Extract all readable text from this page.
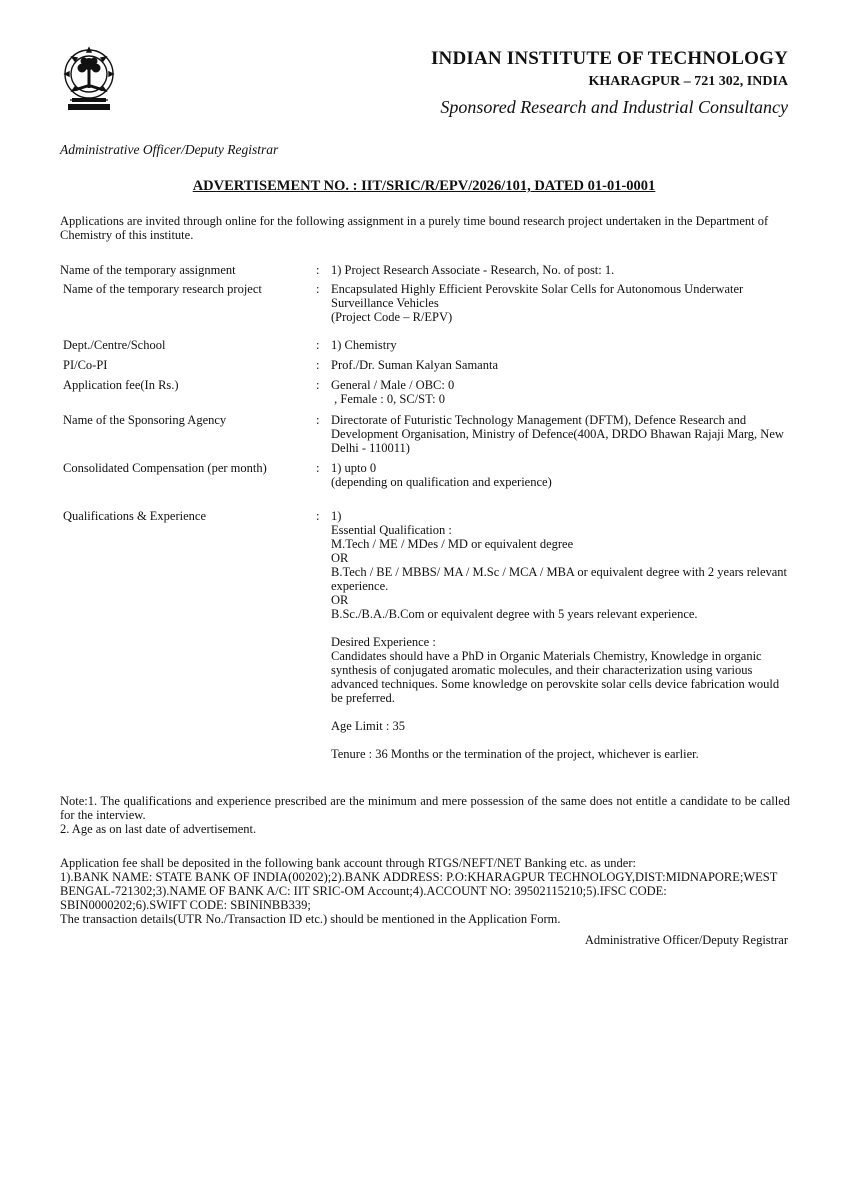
INDIAN INSTITUTE OF TECHNOLOGY
KHARAGPUR – 721 302, INDIA
Sponsored Research and Industrial Consultancy
Administrative Officer/Deputy Registrar
ADVERTISEMENT NO. : IIT/SRIC/R/EPV/2026/101, DATED 01-01-0001
Applications are invited through online for the following assignment in a purely time bound research project undertaken in the Department of Chemistry of this institute.
Name of the temporary assignment	: 1) Project Research Associate - Research, No. of post: 1.
Name of the temporary research project	: Encapsulated Highly Efficient Perovskite Solar Cells for Autonomous Underwater Surveillance Vehicles
(Project Code – R/EPV)
Dept./Centre/School	: 1) Chemistry
PI/Co-PI	: Prof./Dr. Suman Kalyan Samanta
Application fee(In Rs.)	: General / Male / OBC: 0
, Female : 0, SC/ST: 0
Name of the Sponsoring Agency	: Directorate of Futuristic Technology Management (DFTM), Defence Research and Development Organisation, Ministry of Defence(400A, DRDO Bhawan Rajaji Marg, New Delhi - 110011)
Consolidated Compensation (per month)	: 1) upto 0
(depending on qualification and experience)
Qualifications & Experience	: 1)
Essential Qualification :
M.Tech / ME / MDes / MD or equivalent degree
OR
B.Tech / BE / MBBS/ MA / M.Sc / MCA / MBA or equivalent degree with 2 years relevant experience.
OR
B.Sc./B.A./B.Com or equivalent degree with 5 years relevant experience.
Desired Experience :
Candidates should have a PhD in Organic Materials Chemistry, Knowledge in organic synthesis of conjugated aromatic molecules, and their characterization using various advanced techniques. Some knowledge on perovskite solar cells device fabrication would be preferred.
Age Limit : 35
Tenure : 36 Months or the termination of the project, whichever is earlier.
Note:1. The qualifications and experience prescribed are the minimum and mere possession of the same does not entitle a candidate to be called for the interview.
2. Age as on last date of advertisement.
Application fee shall be deposited in the following bank account through RTGS/NEFT/NET Banking etc. as under:
1).BANK NAME: STATE BANK OF INDIA(00202);2).BANK ADDRESS: P.O:KHARAGPUR TECHNOLOGY,DIST:MIDNAPORE;WEST BENGAL-721302;3).NAME OF BANK A/C: IIT SRIC-OM Account;4).ACCOUNT NO: 39502115210;5).IFSC CODE: SBIN0000202;6).SWIFT CODE: SBININBB339;
The transaction details(UTR No./Transaction ID etc.) should be mentioned in the Application Form.
Administrative Officer/Deputy Registrar
